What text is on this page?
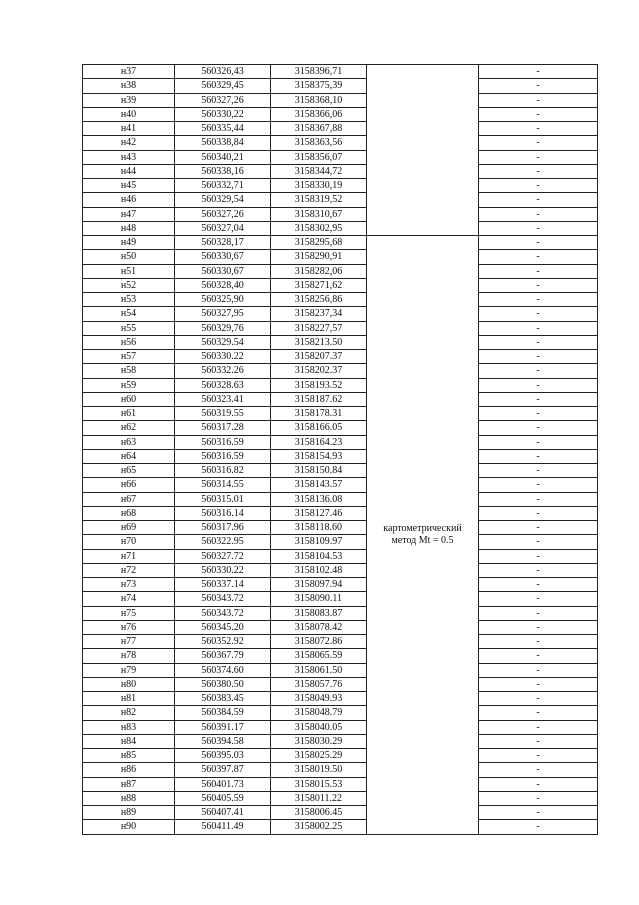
н37	560326,43	3158396,71		-
н38	560329,45	3158375,39		-
н39	560327,26	3158368,10		-
н40	560330,22	3158366,06		-
н41	560335,44	3158367,88		-
н42	560338,84	3158363,56		-
н43	560340,21	3158356,07		-
н44	560338,16	3158344,72		-
н45	560332,71	3158330,19		-
н46	560329,54	3158319,52		-
н47	560327,26	3158310,67		-
н48	560327,04	3158302,95		-
н49	560328,17	3158295,68	картометрический
метод Mt = 0.5	-
н50	560330,67	3158290,91		-
н51	560330,67	3158282,06		-
н52	560328,40	3158271,62		-
н53	560325,90	3158256,86		-
н54	560327,95	3158237,34		-
н55	560329,76	3158227,57		-
н56	560329.54	3158213.50		-
н57	560330.22	3158207.37		-
н58	560332.26	3158202.37		-
н59	560328.63	3158193.52		-
н60	560323.41	3158187.62		-
н61	560319.55	3158178.31		-
н62	560317.28	3158166.05		-
н63	560316.59	3158164.23		-
н64	560316.59	3158154.93		-
н65	560316.82	3158150.84		-
н66	560314.55	3158143.57		-
н67	560315.01	3158136.08		-
н68	560316.14	3158127.46		-
н69	560317.96	3158118.60		-
н70	560322.95	3158109.97		-
н71	560327.72	3158104.53		-
н72	560330.22	3158102.48		-
н73	560337.14	3158097.94		-
н74	560343.72	3158090.11		-
н75	560343.72	3158083.87		-
н76	560345.20	3158078.42		-
н77	560352.92	3158072.86		-
н78	560367.79	3158065.59		-
н79	560374.60	3158061.50		-
н80	560380.50	3158057.76		-
н81	560383.45	3158049.93		-
н82	560384.59	3158048.79		-
н83	560391.17	3158040.05		-
н84	560394.58	3158030.29		-
н85	560395.03	3158025.29		-
н86	560397.87	3158019.50		-
н87	560401.73	3158015.53		-
н88	560405.59	3158011.22		-
н89	560407.41	3158006.45		-
н90	560411.49	3158002.25		-
